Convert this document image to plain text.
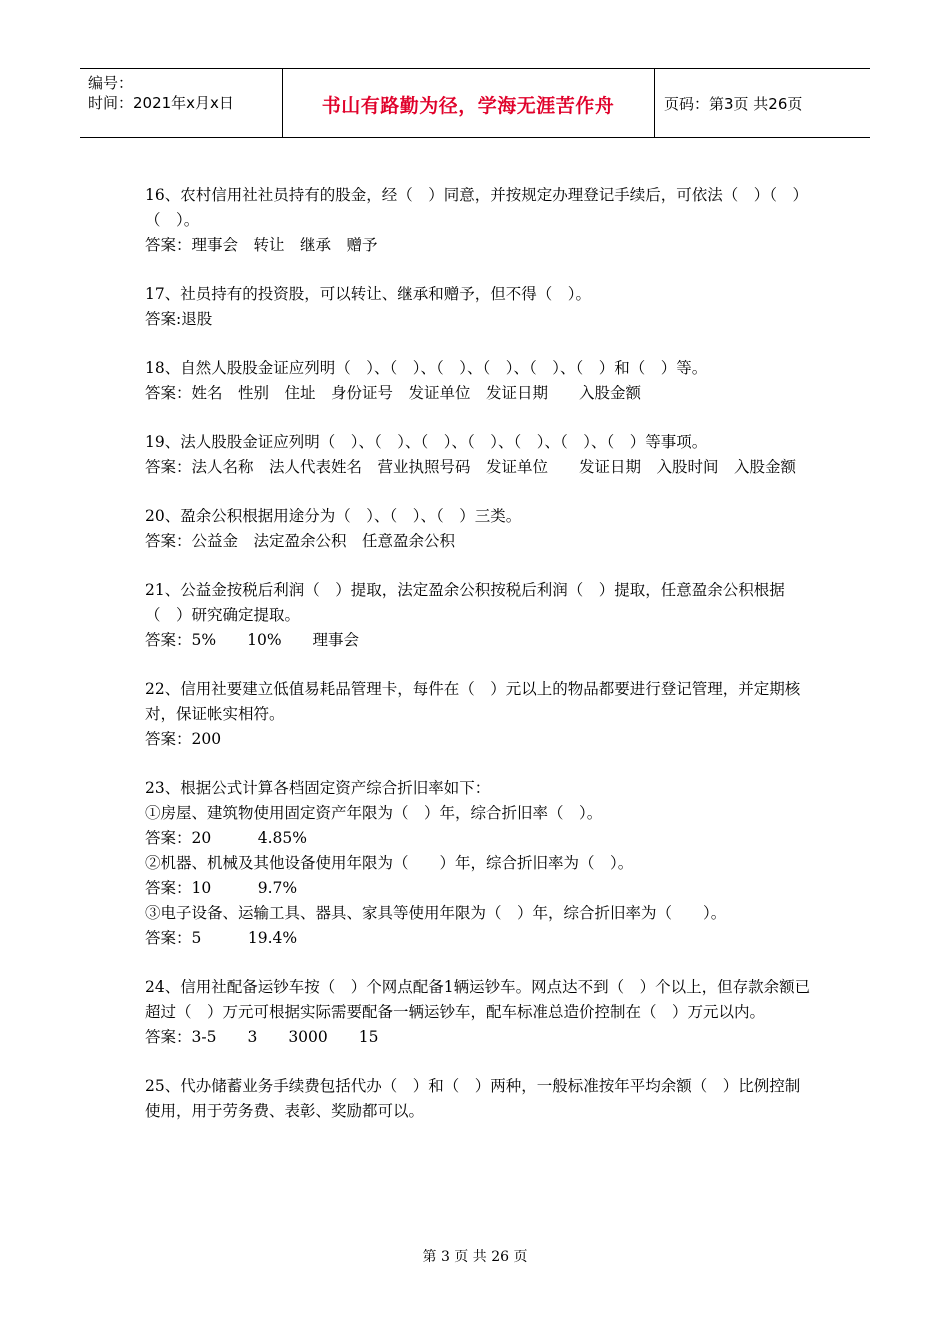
编号：
时间：2021年x月x日	书山有路勤为径，学海无涯苦作舟	页码：第3页 共26页

16、农村信用社社员持有的股金，经（　）同意，并按规定办理登记手续后，可依法（　）（　）（　）。

答案：理事会　转让　继承　赠予

17、社员持有的投资股，可以转让、继承和赠予，但不得（　）。

答案:退股

18、自然人股股金证应列明（　）、（　）、（　）、（　）、（　）、（　）和（　）等。

答案：姓名　性别　住址　身份证号　发证单位　发证日期　　入股金额

19、法人股股金证应列明（　）、（　）、（　）、（　）、（　）、（　）、（　）等事项。

答案：法人名称　法人代表姓名　营业执照号码　发证单位　　发证日期　入股时间　入股金额

20、盈余公积根据用途分为（　）、（　）、（　）三类。

答案：公益金　法定盈余公积　任意盈余公积

21、公益金按税后利润（　）提取，法定盈余公积按税后利润（　）提取，任意盈余公积根据（　）研究确定提取。

答案：5%　　10%　　理事会

22、信用社要建立低值易耗品管理卡，每件在（　）元以上的物品都要进行登记管理，并定期核对，保证帐实相符。

答案：200

23、根据公式计算各档固定资产综合折旧率如下：

①房屋、建筑物使用固定资产年限为（　）年，综合折旧率（　）。

答案：20　　　4.85%

②机器、机械及其他设备使用年限为（　　）年，综合折旧率为（　）。

答案：10　　　9.7%

③电子设备、运输工具、器具、家具等使用年限为（　）年，综合折旧率为（　　）。

答案：5　　　19.4%

24、信用社配备运钞车按（　）个网点配备1辆运钞车。网点达不到（　）个以上，但存款余额已超过（　）万元可根据实际需要配备一辆运钞车，配车标准总造价控制在（　）万元以内。

答案：3-5　　3　　3000　　15

25、代办储蓄业务手续费包括代办（　）和（　）两种，一般标准按年平均余额（　）比例控制使用，用于劳务费、表彰、奖励都可以。

第 3 页 共 26 页
